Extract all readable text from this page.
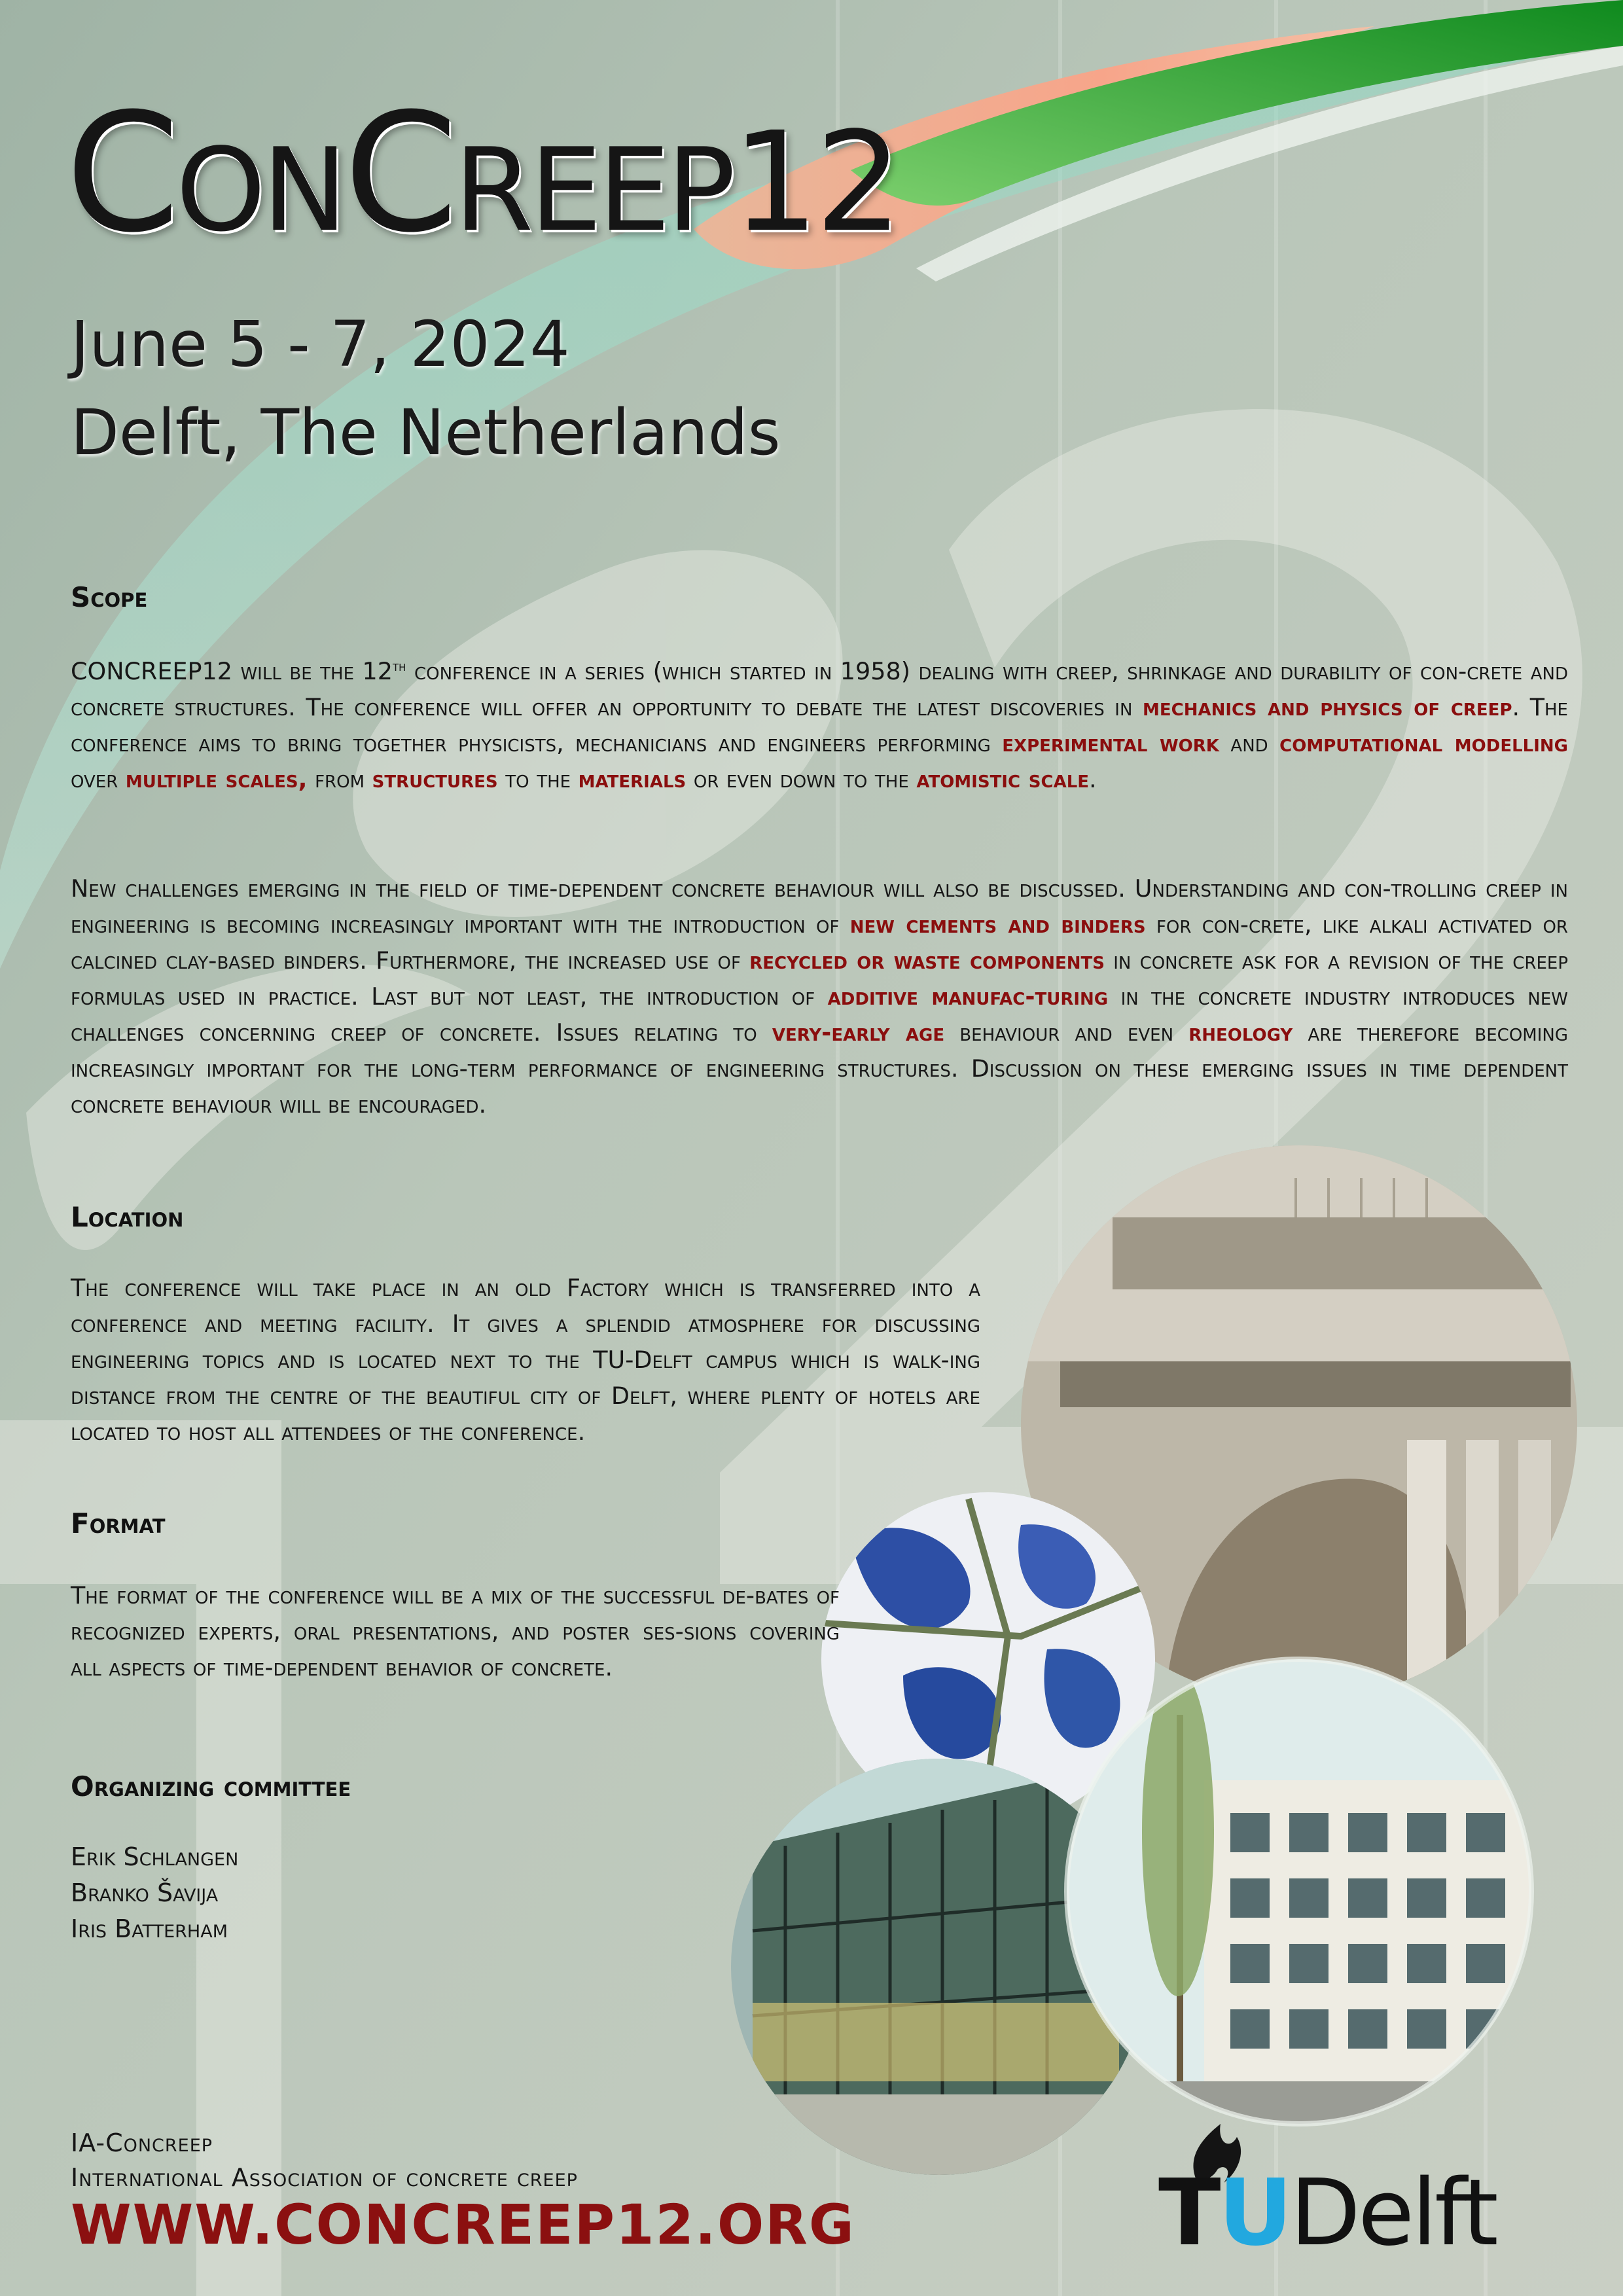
ConCreep12
June 5 - 7, 2024
Delft, The Netherlands
Scope
CONCREEP12 will be the 12th conference in a series (which started in 1958) dealing with creep, shrinkage and durability of con-crete and concrete structures. The conference will offer an opportunity to debate the latest discoveries in mechanics and physics of creep. The conference aims to bring together physicists, mechanicians and engineers performing experimental work and computational modelling over multiple scales, from structures to the materials or even down to the atomistic scale.
New challenges emerging in the field of time-dependent concrete behaviour will also be discussed. Understanding and con-trolling creep in engineering is becoming increasingly important with the introduction of new cements and binders for con-crete, like alkali activated or calcined clay-based binders. Furthermore, the increased use of recycled or waste components in concrete ask for a revision of the creep formulas used in practice. Last but not least, the introduction of additive manufac-turing in the concrete industry introduces new challenges concerning creep of concrete. Issues relating to very-early age behaviour and even rheology are therefore becoming increasingly important for the long-term performance of engineering structures. Discussion on these emerging issues in time dependent concrete behaviour will be encouraged.
Location
The conference will take place in an old Factory which is transferred into a conference and meeting facility. It gives a splendid atmosphere for discussing engineering topics and is located next to the TU-Delft campus which is walk-ing distance from the centre of the beautiful city of Delft, where plenty of hotels are located to host all attendees of the conference.
Format
The format of the conference will be a mix of the successful de-bates of recognized experts, oral presentations, and poster ses-sions covering all aspects of time-dependent behavior of concrete.
Organizing committee
Erik Schlangen
Branko Šavija
Iris Batterham
IA-Concreep
International Association of concrete creep
WWW.CONCREEP12.ORG	TUDelft
